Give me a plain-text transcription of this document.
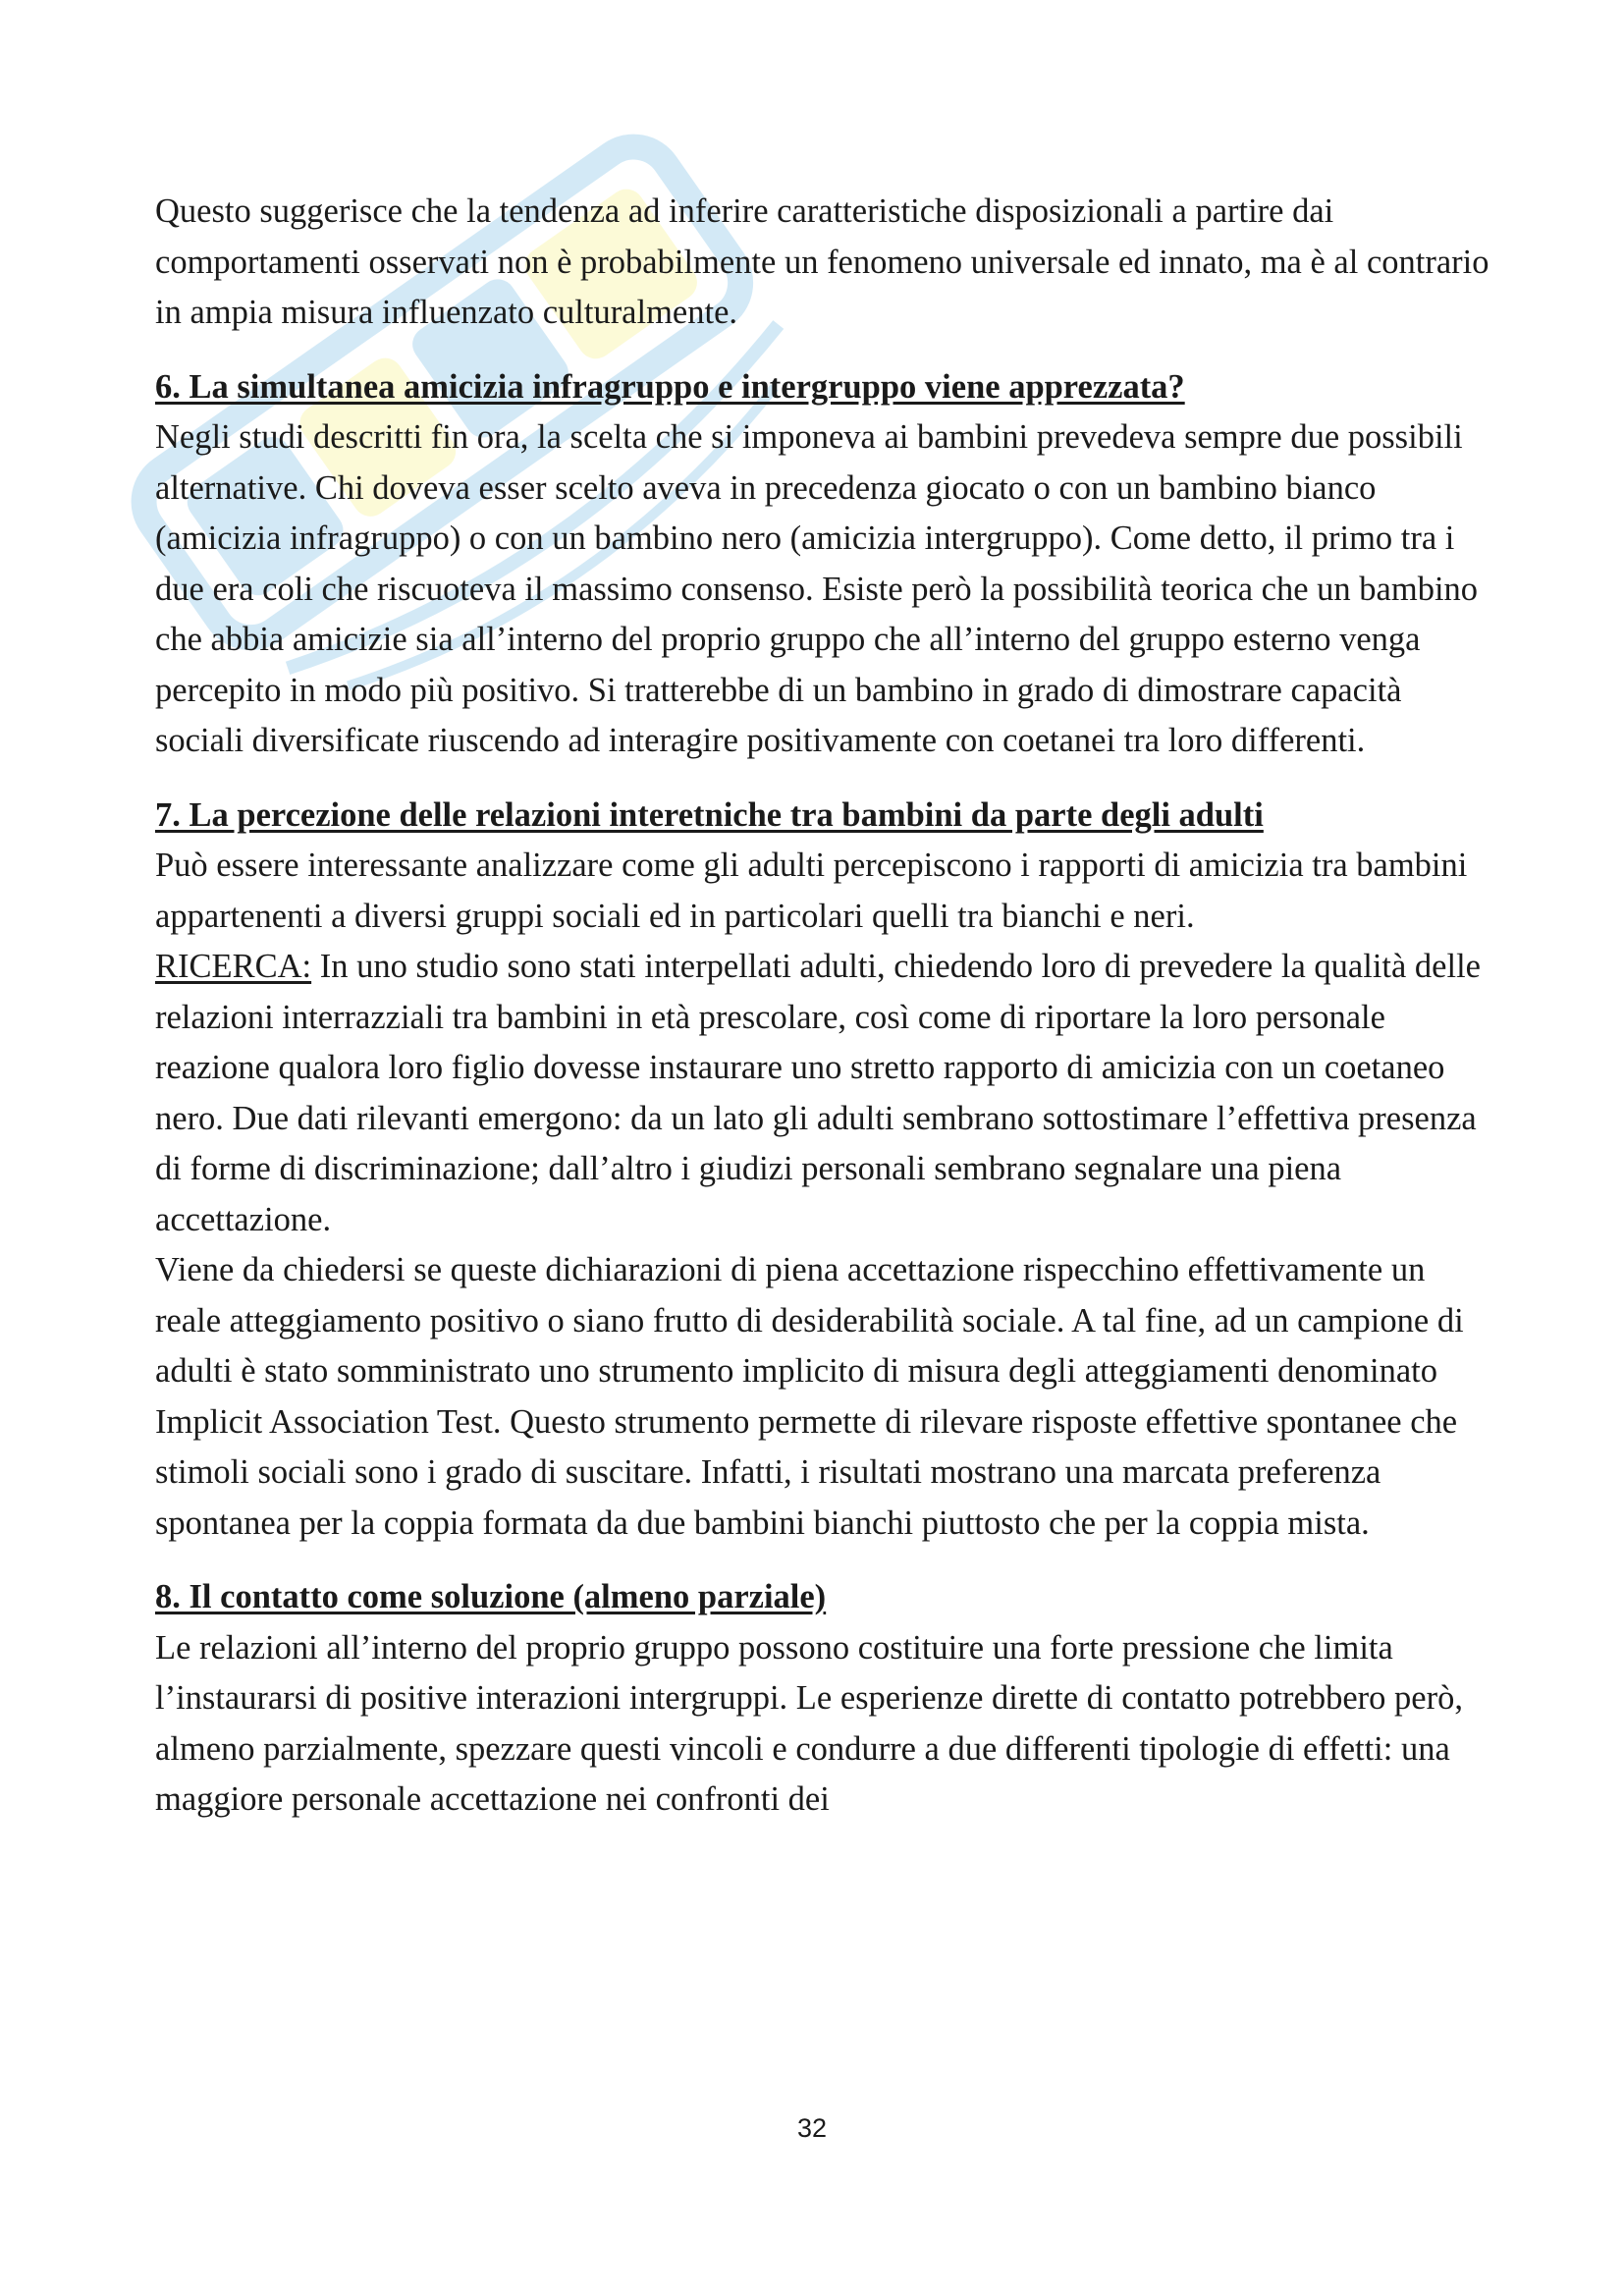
Questo suggerisce che la tendenza ad inferire caratteristiche disposizionali a partire dai comportamenti osservati non è probabilmente un fenomeno universale ed innato, ma è al contrario in ampia misura influenzato culturalmente.

6. La simultanea amicizia infragruppo e intergruppo viene apprezzata?

Negli studi descritti fin ora, la scelta che si imponeva ai bambini prevedeva sempre due possibili alternative. Chi doveva esser scelto aveva in precedenza giocato o con un bambino bianco (amicizia infragruppo) o con un bambino nero (amicizia intergruppo). Come detto, il primo tra i due era coli che riscuoteva il massimo consenso. Esiste però la possibilità teorica che un bambino che abbia amicizie sia all’interno del proprio gruppo che all’interno del gruppo esterno venga percepito in modo più positivo. Si tratterebbe di un bambino in grado di dimostrare capacità sociali diversificate riuscendo ad interagire positivamente con coetanei tra loro differenti.

7. La percezione delle relazioni interetniche tra bambini da parte degli adulti

Può essere interessante analizzare come gli adulti percepiscono i rapporti di amicizia tra bambini appartenenti a diversi gruppi sociali ed in particolari quelli tra bianchi e neri.

RICERCA: In uno studio sono stati interpellati adulti, chiedendo loro di prevedere la qualità delle relazioni interrazziali tra bambini in età prescolare, così come di riportare la loro personale reazione qualora loro figlio dovesse instaurare uno stretto rapporto di amicizia con un coetaneo nero. Due dati rilevanti emergono: da un lato gli adulti sembrano sottostimare l’effettiva presenza di forme di discriminazione; dall’altro i giudizi personali sembrano segnalare una piena accettazione.

Viene da chiedersi se queste dichiarazioni di piena accettazione rispecchino effettivamente un reale atteggiamento positivo o siano frutto di desiderabilità sociale. A tal fine, ad un campione di adulti è stato somministrato uno strumento implicito di misura degli atteggiamenti denominato Implicit Association Test. Questo strumento permette di rilevare risposte effettive spontanee che stimoli sociali sono i grado di suscitare. Infatti, i risultati mostrano una marcata preferenza spontanea per la coppia formata da due bambini bianchi piuttosto che per la coppia mista.

8. Il contatto come soluzione (almeno parziale)

Le relazioni all’interno del proprio gruppo possono costituire una forte pressione che limita l’instaurarsi di positive interazioni intergruppi. Le esperienze dirette di contatto potrebbero però, almeno parzialmente, spezzare questi vincoli e condurre a due differenti tipologie di effetti: una maggiore personale accettazione nei confronti dei

32
